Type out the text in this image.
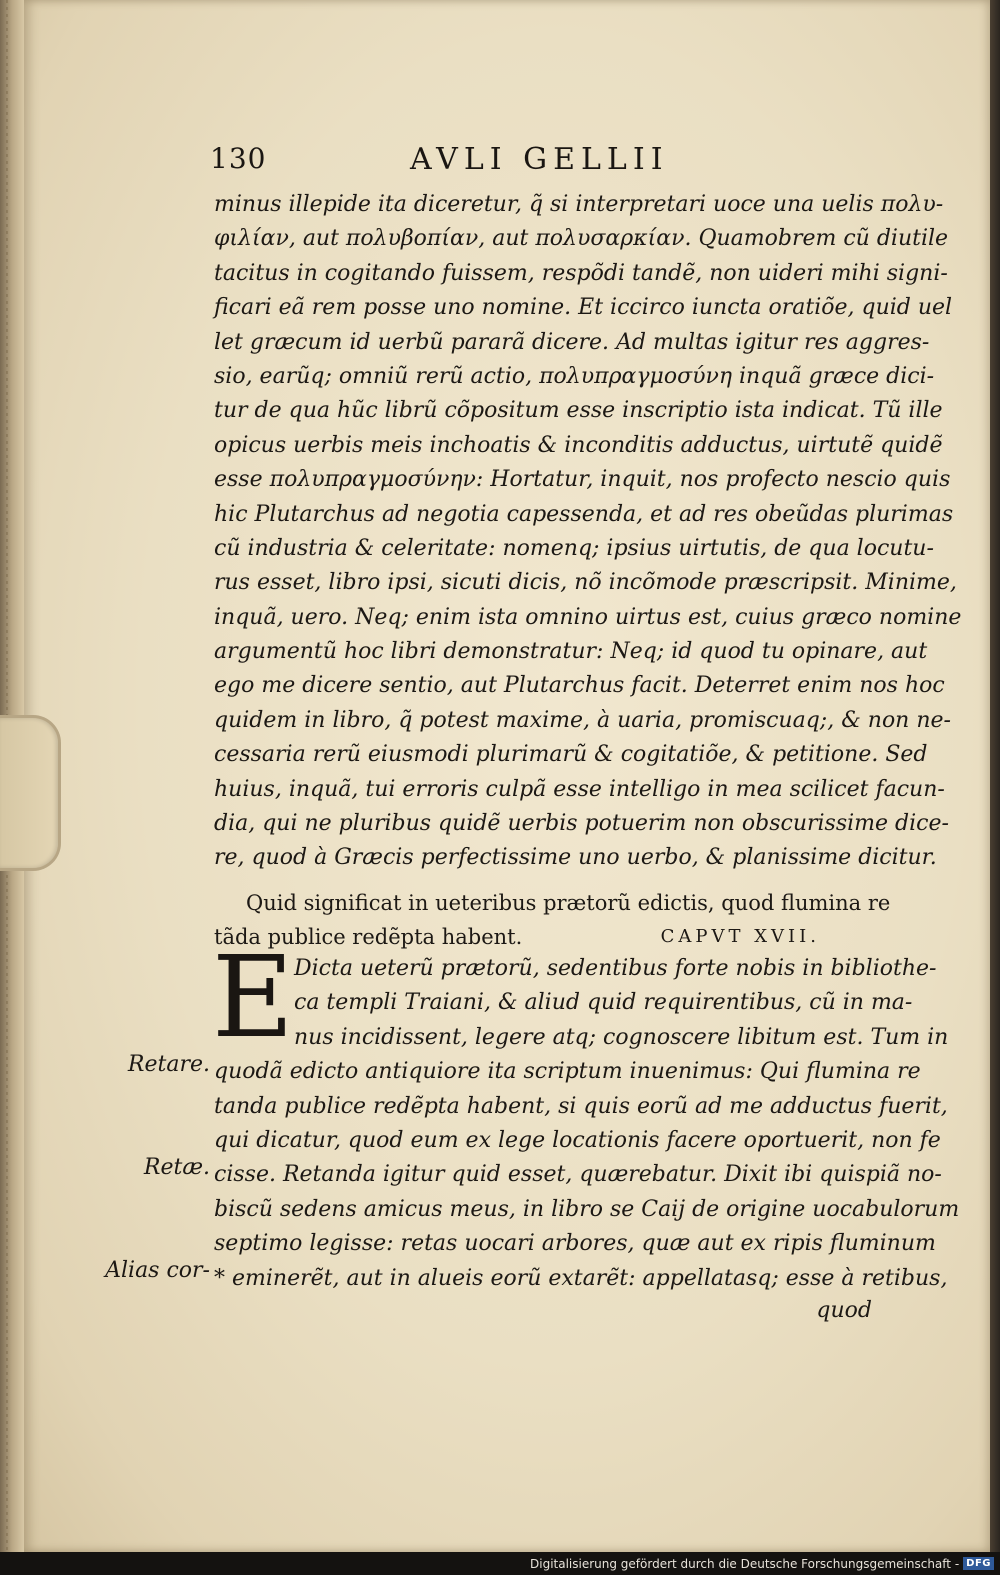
130	AVLI GELLII
minus illepide ita diceretur, q̃ si interpretari uoce una uelis πολυ-
φιλίαν, aut πολυβοπίαν, aut πολυσαρκίαν. Quamobrem cũ diutile
tacitus in cogitando fuissem, respõdi tandẽ, non uideri mihi signi-
ficari eã rem posse uno nomine. Et iccirco iuncta oratiõe, quid uel
let græcum id uerbũ pararã dicere. Ad multas igitur res aggres-
sio, earũq; omniũ rerũ actio, πολυπραγμοσύνη inquã græce dici-
tur de qua hũc librũ cõpositum esse inscriptio ista indicat. Tũ ille
opicus uerbis meis inchoatis & inconditis adductus, uirtutẽ quidẽ
esse πολυπραγμοσύνην: Hortatur, inquit, nos profecto nescio quis
hic Plutarchus ad negotia capessenda, et ad res obeũdas plurimas
cũ industria & celeritate: nomenq; ipsius uirtutis, de qua locutu-
rus esset, libro ipsi, sicuti dicis, nõ incõmode præscripsit. Minime,
inquã, uero. Neq; enim ista omnino uirtus est, cuius græco nomine
argumentũ hoc libri demonstratur: Neq; id quod tu opinare, aut
ego me dicere sentio, aut Plutarchus facit. Deterret enim nos hoc
quidem in libro, q̃ potest maxime, à uaria, promiscuaq;, & non ne-
cessaria rerũ eiusmodi plurimarũ & cogitatiõe, & petitione. Sed
huius, inquã, tui erroris culpã esse intelligo in mea scilicet facun-
dia, qui ne pluribus quidẽ uerbis potuerim non obscurissime dice-
re, quod à Græcis perfectissime uno uerbo, & planissime dicitur.
Quid significat in ueteribus prætorũ edictis, quod flumina re
tãda publice redẽpta habent.	CAPVT XVII.
E Dicta ueterũ prætorũ, sedentibus forte nobis in bibliothe-
ca templi Traiani, & aliud quid requirentibus, cũ in ma-
nus incidissent, legere atq; cognoscere libitum est. Tum in
quodã edicto antiquiore ita scriptum inuenimus: Qui flumina re
tanda publice redẽpta habent, si quis eorũ ad me adductus fuerit,
qui dicatur, quod eum ex lege locationis facere oportuerit, non fe
cisse. Retanda igitur quid esset, quærebatur. Dixit ibi quispiã no-
biscũ sedens amicus meus, in libro se Caij de origine uocabulorum
septimo legisse: retas uocari arbores, quæ aut ex ripis fluminum
* eminerẽt, aut in alueis eorũ extarẽt: appellatasq; esse à retibus,
Retare.
Retæ.
Alias cor-
quod
Digitalisierung gefördert durch die Deutsche Forschungsgemeinschaft - DFG
